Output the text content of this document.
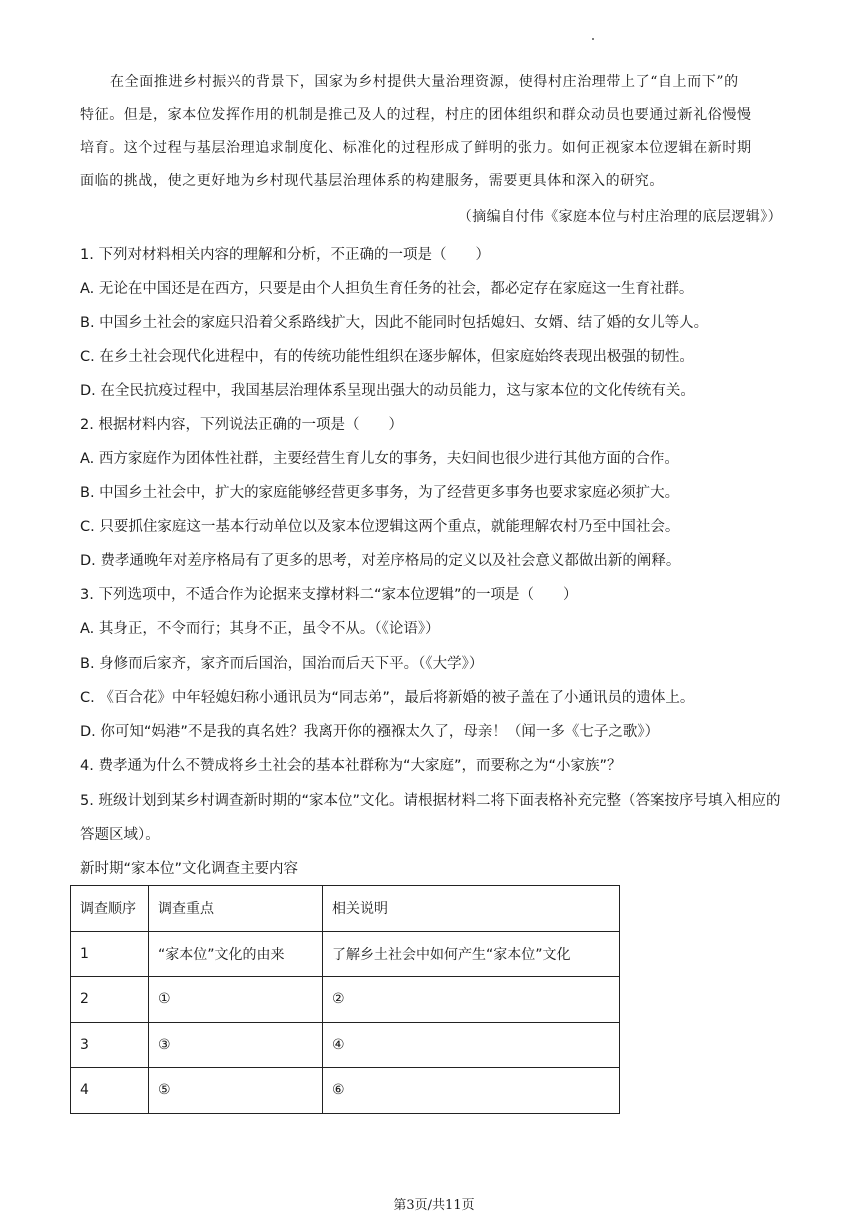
在全面推进乡村振兴的背景下，国家为乡村提供大量治理资源，使得村庄治理带上了“自上而下”的
特征。但是，家本位发挥作用的机制是推己及人的过程，村庄的团体组织和群众动员也要通过新礼俗慢慢
培育。这个过程与基层治理追求制度化、标准化的过程形成了鲜明的张力。如何正视家本位逻辑在新时期
面临的挑战，使之更好地为乡村现代基层治理体系的构建服务，需要更具体和深入的研究。
（摘编自付伟《家庭本位与村庄治理的底层逻辑》）
1. 下列对材料相关内容的理解和分析，不正确的一项是（　　）
A. 无论在中国还是在西方，只要是由个人担负生育任务的社会，都必定存在家庭这一生育社群。
B. 中国乡土社会的家庭只沿着父系路线扩大，因此不能同时包括媳妇、女婿、结了婚的女儿等人。
C. 在乡土社会现代化进程中，有的传统功能性组织在逐步解体，但家庭始终表现出极强的韧性。
D. 在全民抗疫过程中，我国基层治理体系呈现出强大的动员能力，这与家本位的文化传统有关。
2. 根据材料内容，下列说法正确的一项是（　　）
A. 西方家庭作为团体性社群，主要经营生育儿女的事务，夫妇间也很少进行其他方面的合作。
B. 中国乡土社会中，扩大的家庭能够经营更多事务，为了经营更多事务也要求家庭必须扩大。
C. 只要抓住家庭这一基本行动单位以及家本位逻辑这两个重点，就能理解农村乃至中国社会。
D. 费孝通晚年对差序格局有了更多的思考，对差序格局的定义以及社会意义都做出新的阐释。
3. 下列选项中，不适合作为论据来支撑材料二“家本位逻辑”的一项是（　　）
A. 其身正，不令而行；其身不正，虽令不从。（《论语》）
B. 身修而后家齐，家齐而后国治，国治而后天下平。（《大学》）
C. 《百合花》中年轻媳妇称小通讯员为“同志弟”，最后将新婚的被子盖在了小通讯员的遗体上。
D. 你可知“妈港”不是我的真名姓？我离开你的襁褓太久了，母亲！（闻一多《七子之歌》）
4. 费孝通为什么不赞成将乡土社会的基本社群称为“大家庭”，而要称之为“小家族”？
5. 班级计划到某乡村调查新时期的“家本位”文化。请根据材料二将下面表格补充完整（答案按序号填入相应的答题区域）。
新时期“家本位”文化调查主要内容
调查顺序	调查重点	相关说明
1	“家本位”文化的由来	了解乡土社会中如何产生“家本位”文化
2	①	②
3	③	④
4	⑤	⑥
第3页/共11页
